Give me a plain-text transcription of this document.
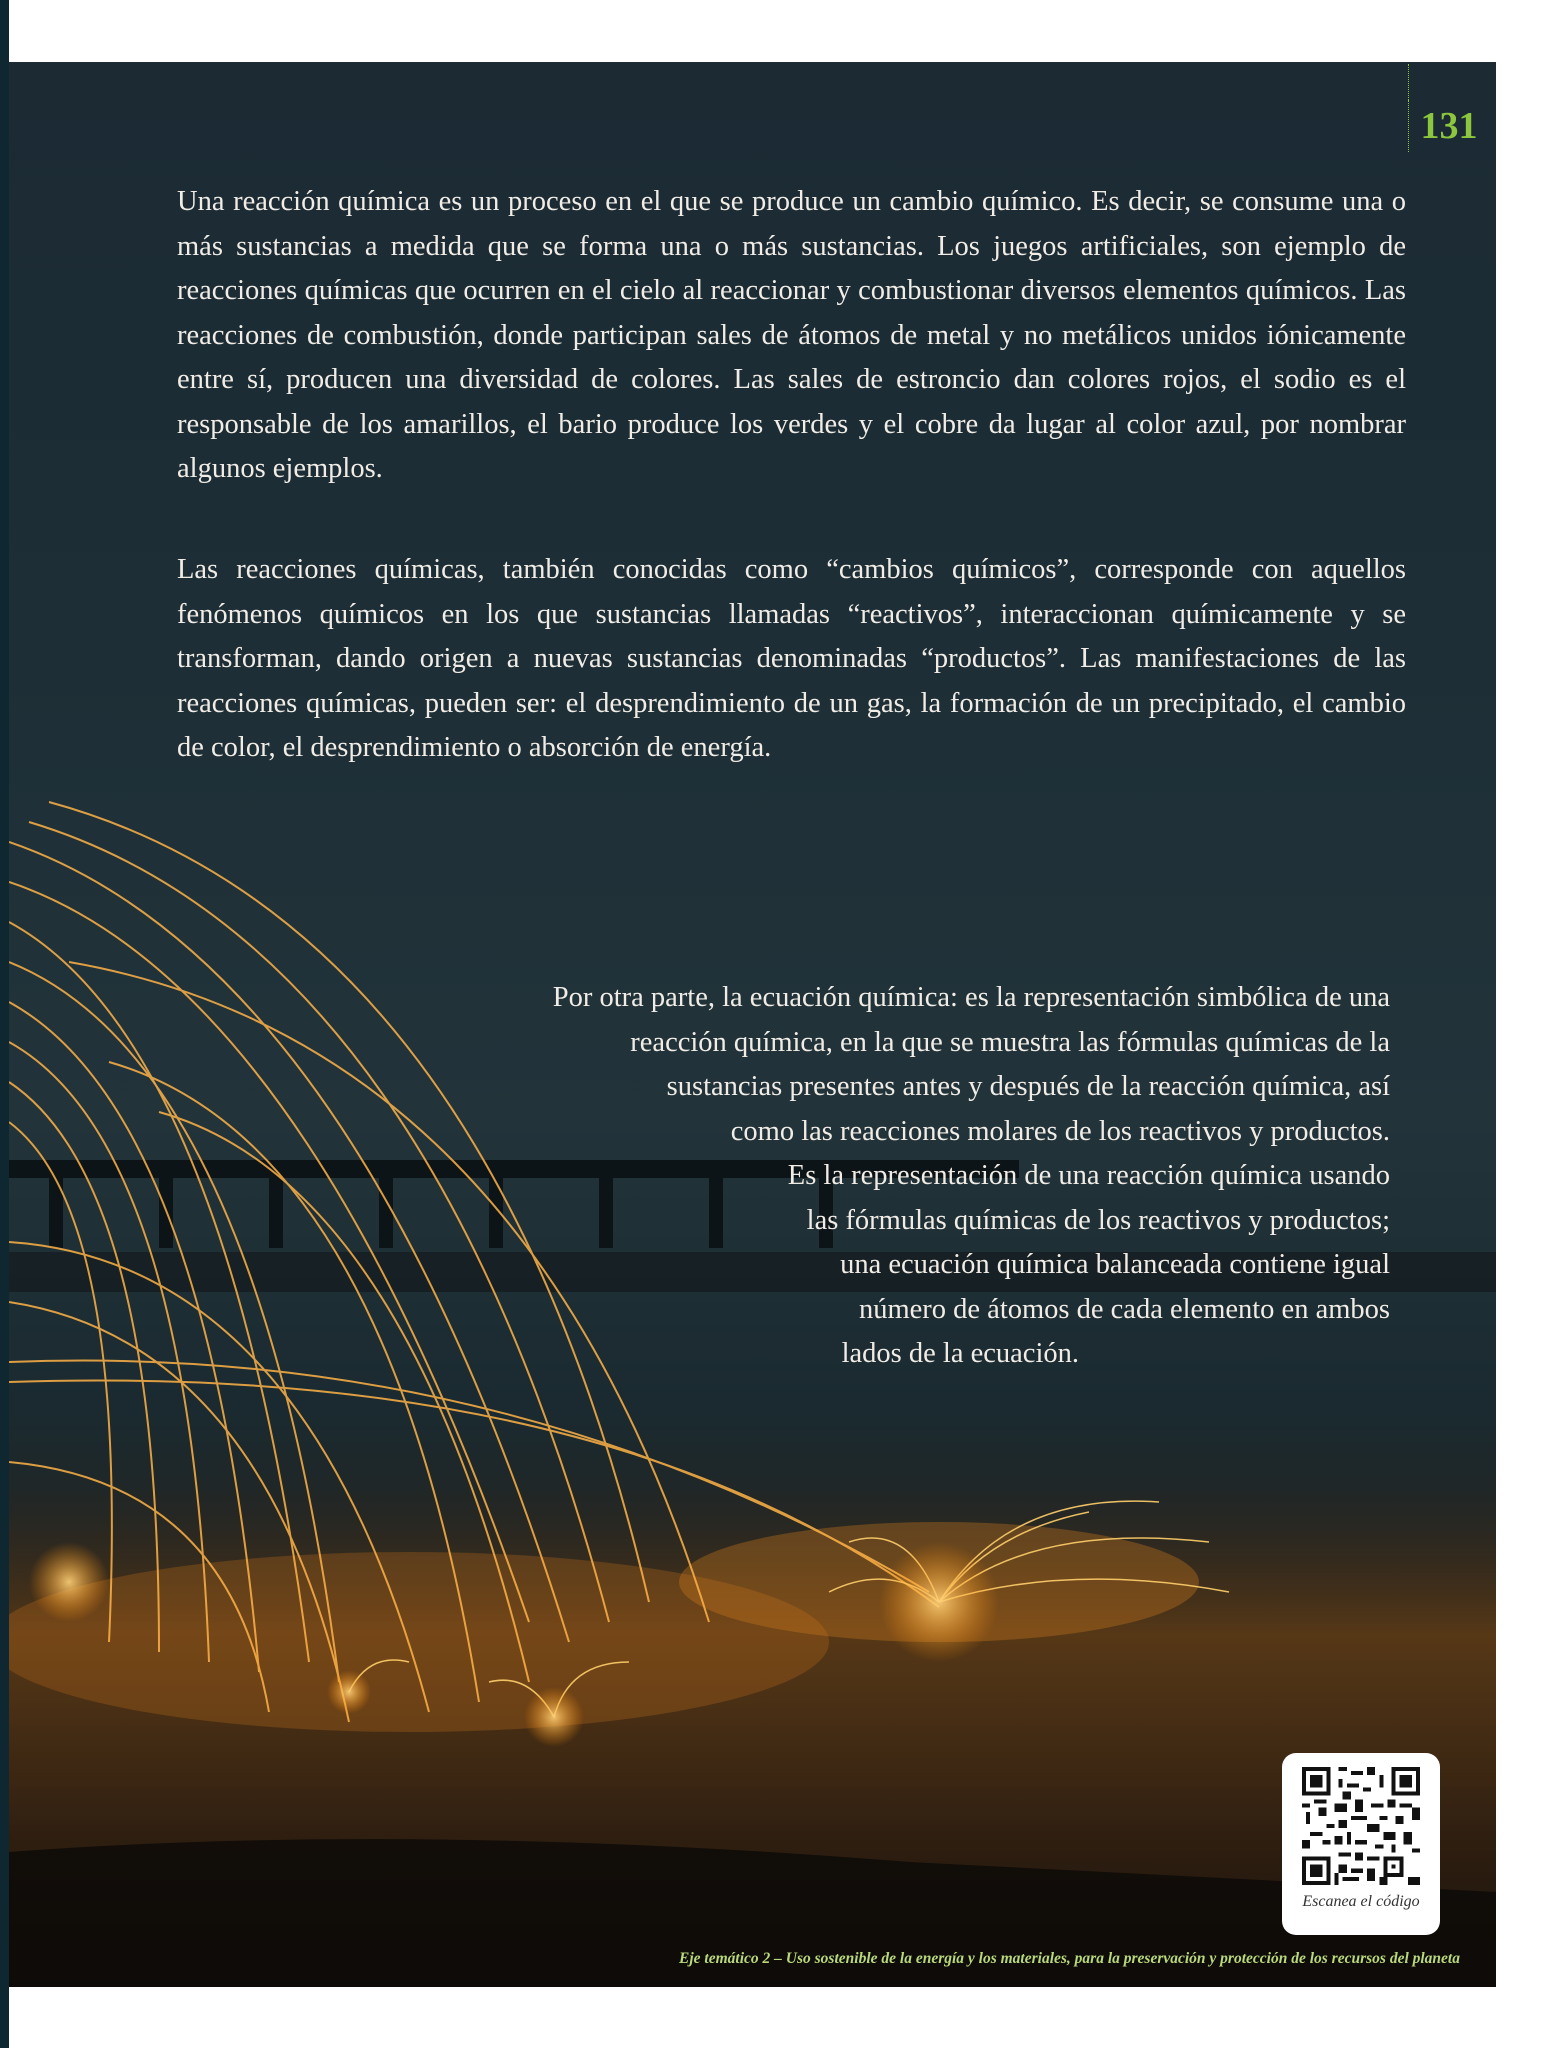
131

Una reacción química es un proceso en el que se produce un cambio químico. Es decir, se consume una o más sustancias a medida que se forma una o más sustancias. Los juegos artificiales, son ejemplo de reacciones químicas que ocurren en el cielo al reaccionar y combustionar diversos elementos químicos. Las reacciones de combustión, donde participan sales de átomos de metal y no metálicos unidos iónicamente entre sí, producen una diversidad de colores. Las sales de estroncio dan colores rojos, el sodio es el responsable de los amarillos, el bario produce los verdes y el cobre da lugar al color azul, por nombrar algunos ejemplos.

Las reacciones químicas, también conocidas como “cambios químicos”, corresponde con aquellos fenómenos químicos en los que sustancias llamadas “reactivos”, interaccionan químicamente y se transforman, dando origen a nuevas sustancias denominadas “productos”. Las manifestaciones de las reacciones químicas, pueden ser: el desprendimiento de un gas, la formación de un precipitado, el cambio de color, el desprendimiento o absorción de energía.

Por otra parte, la ecuación química: es la representación simbólica de una

reacción química, en la que se muestra las fórmulas químicas de la

sustancias presentes antes y después de la reacción química, así

como las reacciones molares de los reactivos y productos.

Es la representación de una reacción química usando

las fórmulas químicas de los reactivos y productos;

una ecuación química balanceada contiene igual

número de átomos de cada elemento en ambos

lados de la ecuación.

Escanea el código
Eje temático 2 – Uso sostenible de la energía y los materiales, para la preservación y protección de los recursos del planeta
